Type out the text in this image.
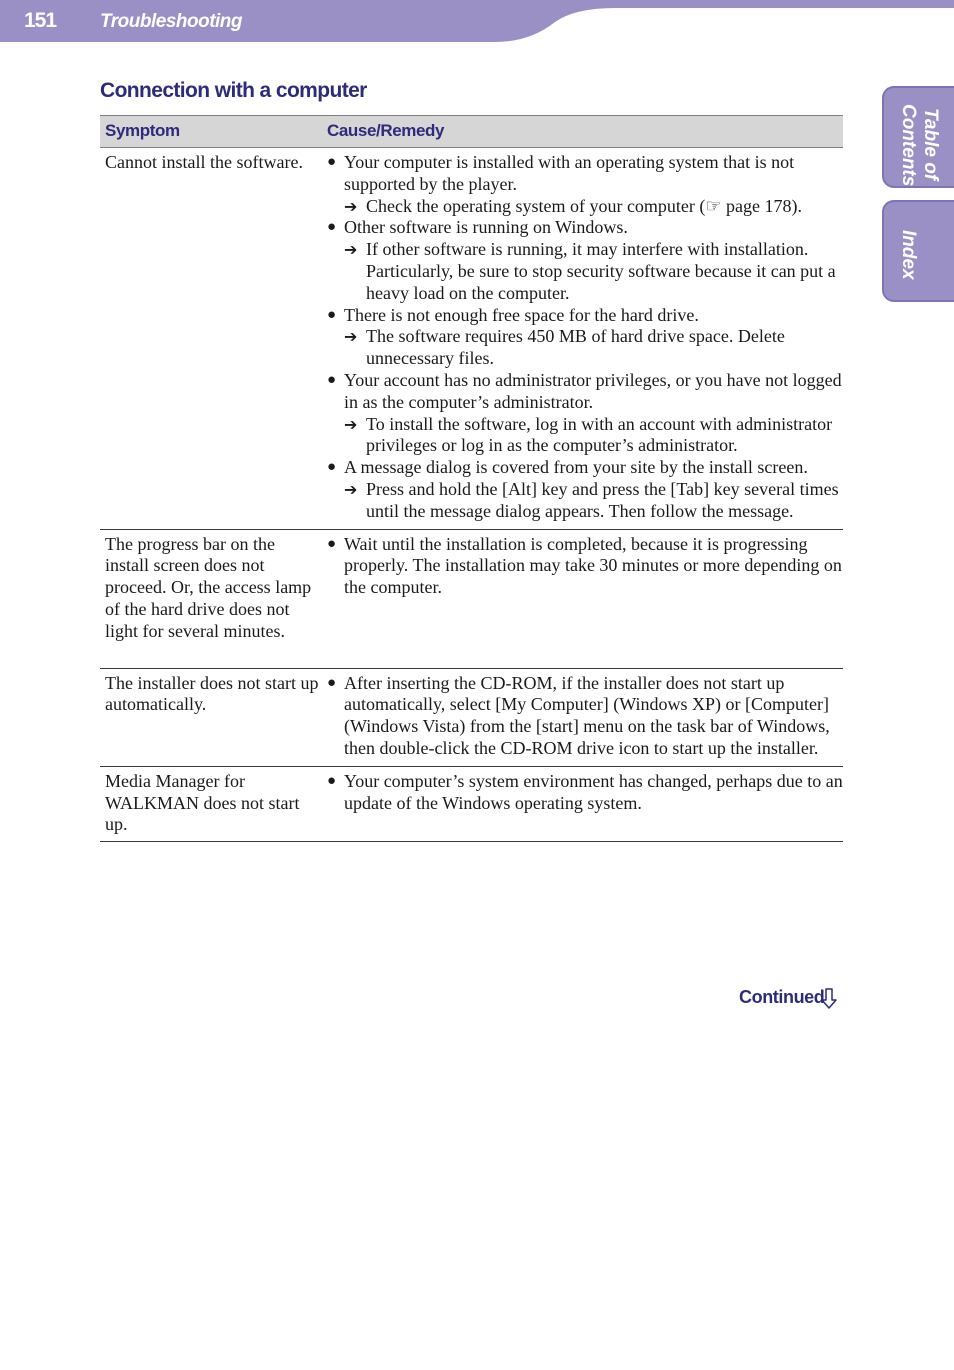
151 Troubleshooting
Table of
Contents
Index
Connection with a computer
Symptom	Cause/Remedy
Cannot install the software.	● Your computer is installed with an operating system that is not supported by the player.
➔ Check the operating system of your computer (☞ page 178).
● Other software is running on Windows.
➔ If other software is running, it may interfere with installation. Particularly, be sure to stop security software because it can put a heavy load on the computer.
● There is not enough free space for the hard drive.
➔ The software requires 450 MB of hard drive space. Delete unnecessary files.
● Your account has no administrator privileges, or you have not logged in as the computer’s administrator.
➔ To install the software, log in with an account with administrator privileges or log in as the computer’s administrator.
● A message dialog is covered from your site by the install screen.
➔ Press and hold the [Alt] key and press the [Tab] key several times until the message dialog appears. Then follow the message.
The progress bar on the install screen does not proceed. Or, the access lamp of the hard drive does not light for several minutes.
● Wait until the installation is completed, because it is progressing properly. The installation may take 30 minutes or more depending on the computer.
The installer does not start up automatically.
● After inserting the CD-ROM, if the installer does not start up automatically, select [My Computer] (Windows XP) or [Computer] (Windows Vista) from the [start] menu on the task bar of Windows, then double-click the CD-ROM drive icon to start up the installer.
Media Manager for WALKMAN does not start up.
● Your computer’s system environment has changed, perhaps due to an update of the Windows operating system.
Continued
